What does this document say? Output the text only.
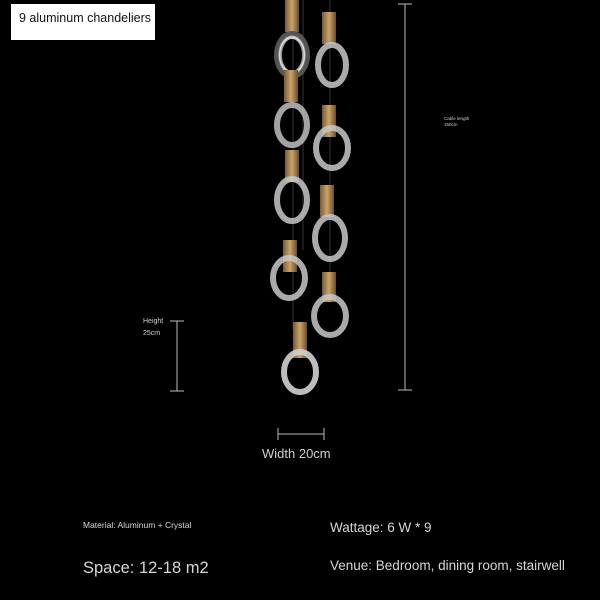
9 aluminum chandeliers
Height
25cm
Cable length
150cm
Width 20cm
Material: Aluminum + Crystal	Wattage: 6 W * 9
Space: 12-18 m2	Venue: Bedroom, dining room, stairwell
